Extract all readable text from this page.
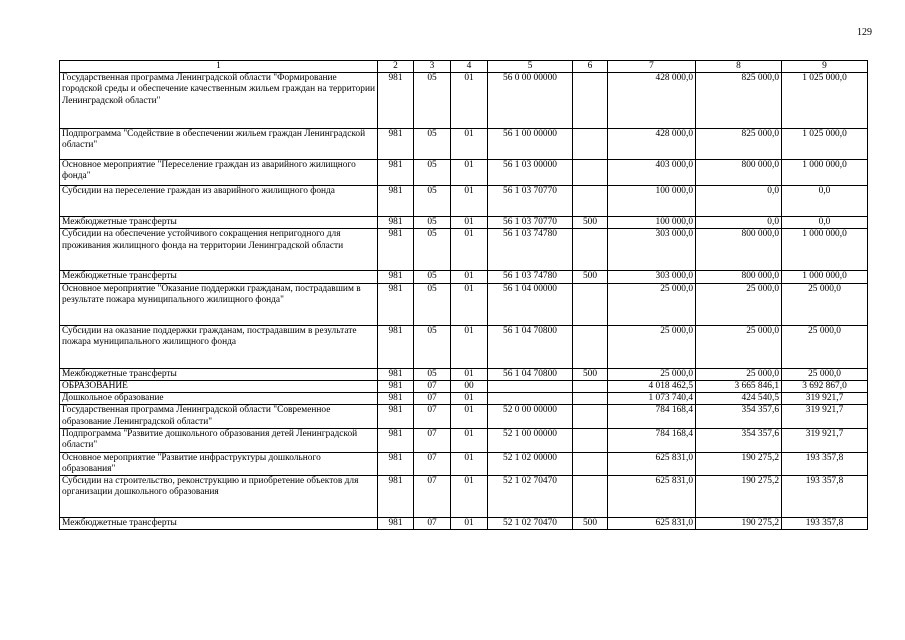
129
1	2	3	4	5	6	7	8	9
Государственная программа Ленинградской области "Формирование городской среды и обеспечение качественным жильем граждан на территории Ленинградской области"	981	05	01	56 0 00 00000		428 000,0	825 000,0	1 025 000,0
Подпрограмма "Содействие в обеспечении жильем граждан Ленинградской области"	981	05	01	56 1 00 00000		428 000,0	825 000,0	1 025 000,0
Основное мероприятие "Переселение граждан из аварийного жилищного фонда"	981	05	01	56 1 03 00000		403 000,0	800 000,0	1 000 000,0
Субсидии на переселение граждан из аварийного жилищного фонда	981	05	01	56 1 03 70770		100 000,0	0,0	0,0
Межбюджетные трансферты	981	05	01	56 1 03 70770	500	100 000,0	0,0	0,0
Субсидии на обеспечение устойчивого сокращения непригодного для проживания жилищного фонда на территории Ленинградской области	981	05	01	56 1 03 74780		303 000,0	800 000,0	1 000 000,0
Межбюджетные трансферты	981	05	01	56 1 03 74780	500	303 000,0	800 000,0	1 000 000,0
Основное мероприятие "Оказание поддержки гражданам, пострадавшим в результате пожара муниципального жилищного фонда"	981	05	01	56 1 04 00000		25 000,0	25 000,0	25 000,0
Субсидии на оказание поддержки гражданам, пострадавшим в результате пожара муниципального жилищного фонда	981	05	01	56 1 04 70800		25 000,0	25 000,0	25 000,0
Межбюджетные трансферты	981	05	01	56 1 04 70800	500	25 000,0	25 000,0	25 000,0
ОБРАЗОВАНИЕ	981	07	00			4 018 462,5	3 665 846,1	3 692 867,0
Дошкольное образование	981	07	01			1 073 740,4	424 540,5	319 921,7
Государственная программа Ленинградской области "Современное образование Ленинградской области"	981	07	01	52 0 00 00000		784 168,4	354 357,6	319 921,7
Подпрограмма "Развитие дошкольного образования детей Ленинградской области"	981	07	01	52 1 00 00000		784 168,4	354 357,6	319 921,7
Основное мероприятие "Развитие инфраструктуры дошкольного образования"	981	07	01	52 1 02 00000		625 831,0	190 275,2	193 357,8
Субсидии на строительство, реконструкцию и приобретение объектов для организации дошкольного образования	981	07	01	52 1 02 70470		625 831,0	190 275,2	193 357,8
Межбюджетные трансферты	981	07	01	52 1 02 70470	500	625 831,0	190 275,2	193 357,8
